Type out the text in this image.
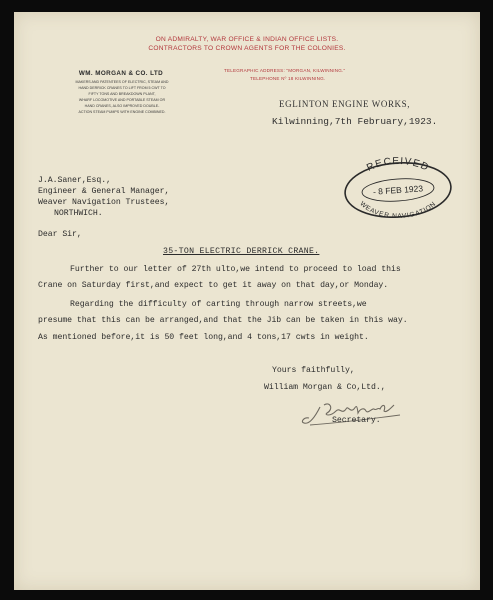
ON ADMIRALTY, WAR OFFICE & INDIAN OFFICE LISTS.
CONTRACTORS TO CROWN AGENTS FOR THE COLONIES.
TELEGRAPHIC ADDRESS: "MORGAN, KILWINNING."
TELEPHONE Nº 18 KILWINNING.
WM. MORGAN & CO. LTD
MAKERS AND PATENTEES OF ELECTRIC, STEAM AND
HAND DERRICK CRANES TO LIFT FROM 5 CWT TO
FIFTY TONS AND BREAKDOWN PLANT,
WHARF LOCOMOTIVE AND PORTABLE STEAM OR
HAND CRANES, ALSO IMPROVED DOUBLE-
ACTION STEAM PUMPS WITH ENGINE COMBINED.
EGLINTON ENGINE WORKS,
Kilwinning,7th February,1923.
RECEIVED
- 8 FEB 1923
WEAVER NAVIGATION
J.A.Saner,Esq.,
Engineer & General Manager,
Weaver Navigation Trustees,
NORTHWICH.
Dear Sir,
35-TON ELECTRIC DERRICK CRANE.
Further to our letter of 27th ulto,we intend to proceed to load this
Crane on Saturday first,and expect to get it away on that day,or Monday.
Regarding the difficulty of carting through narrow streets,we
presume that this can be arranged,and that the Jib can be taken in this way.
As mentioned before,it is 50 feet long,and 4 tons,17 cwts in weight.
Yours faithfully,
William Morgan & Co,Ltd.,
Secretary.
